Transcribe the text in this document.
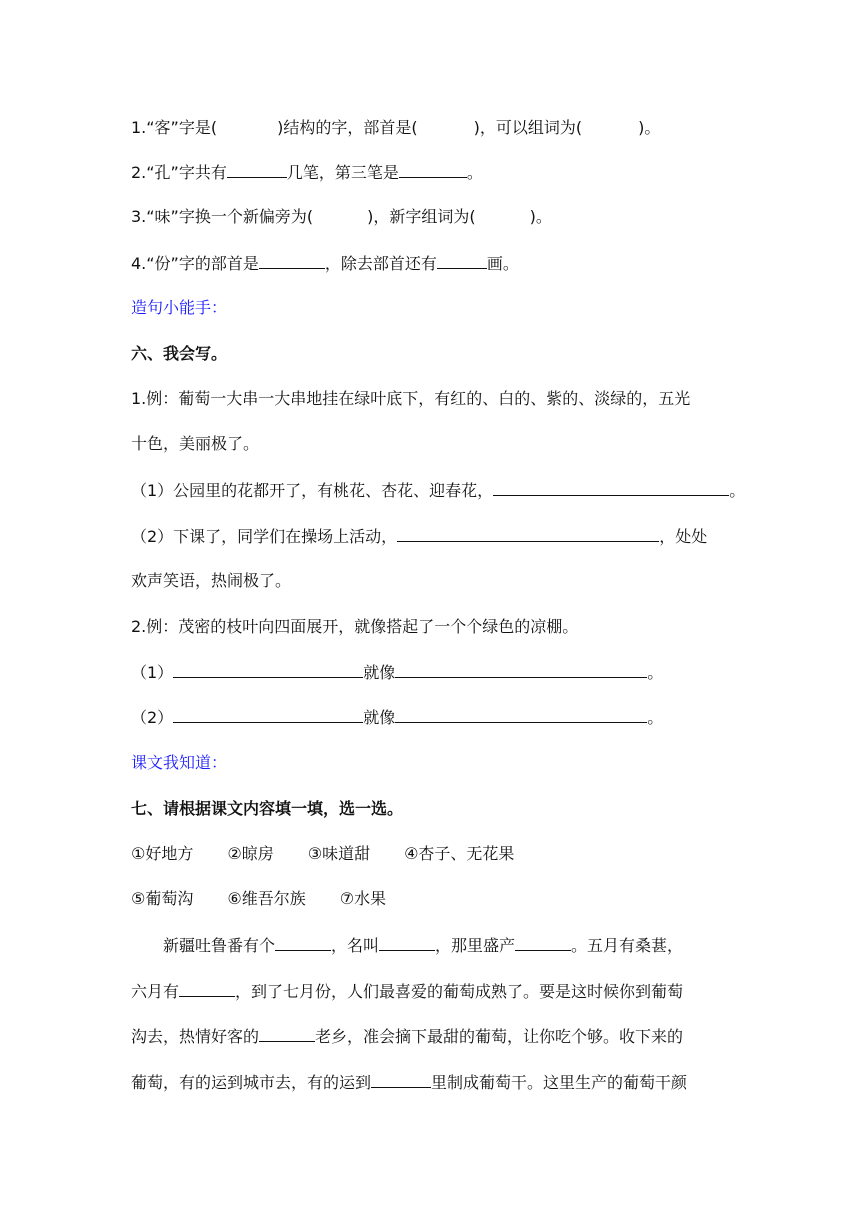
1.“客”字是(	)结构的字，部首是(	)，可以组词为(	)。
2.“孔”字共有	几笔，第三笔是	。
3.“味”字换一个新偏旁为(	)，新字组词为(	)。
4.“份”字的部首是	，除去部首还有	画。
造句小能手：
六、我会写。
1.例：葡萄一大串一大串地挂在绿叶底下，有红的、白的、紫的、淡绿的，五光
十色，美丽极了。
（1）公园里的花都开了，有桃花、杏花、迎春花，	。
（2）下课了，同学们在操场上活动，	，处处
欢声笑语，热闹极了。
2.例：茂密的枝叶向四面展开，就像搭起了一个个绿色的凉棚。
（1）	就像	。
（2）	就像	。
课文我知道：
七、请根据课文内容填一填，选一选。
①好地方 ②晾房 ③味道甜 ④杏子、无花果
⑤葡萄沟 ⑥维吾尔族 ⑦水果
新疆吐鲁番有个	，名叫	，那里盛产	。五月有桑葚，
六月有	，到了七月份，人们最喜爱的葡萄成熟了。要是这时候你到葡萄
沟去，热情好客的	老乡，准会摘下最甜的葡萄，让你吃个够。收下来的
葡萄，有的运到城市去，有的运到	里制成葡萄干。这里生产的葡萄干颜
